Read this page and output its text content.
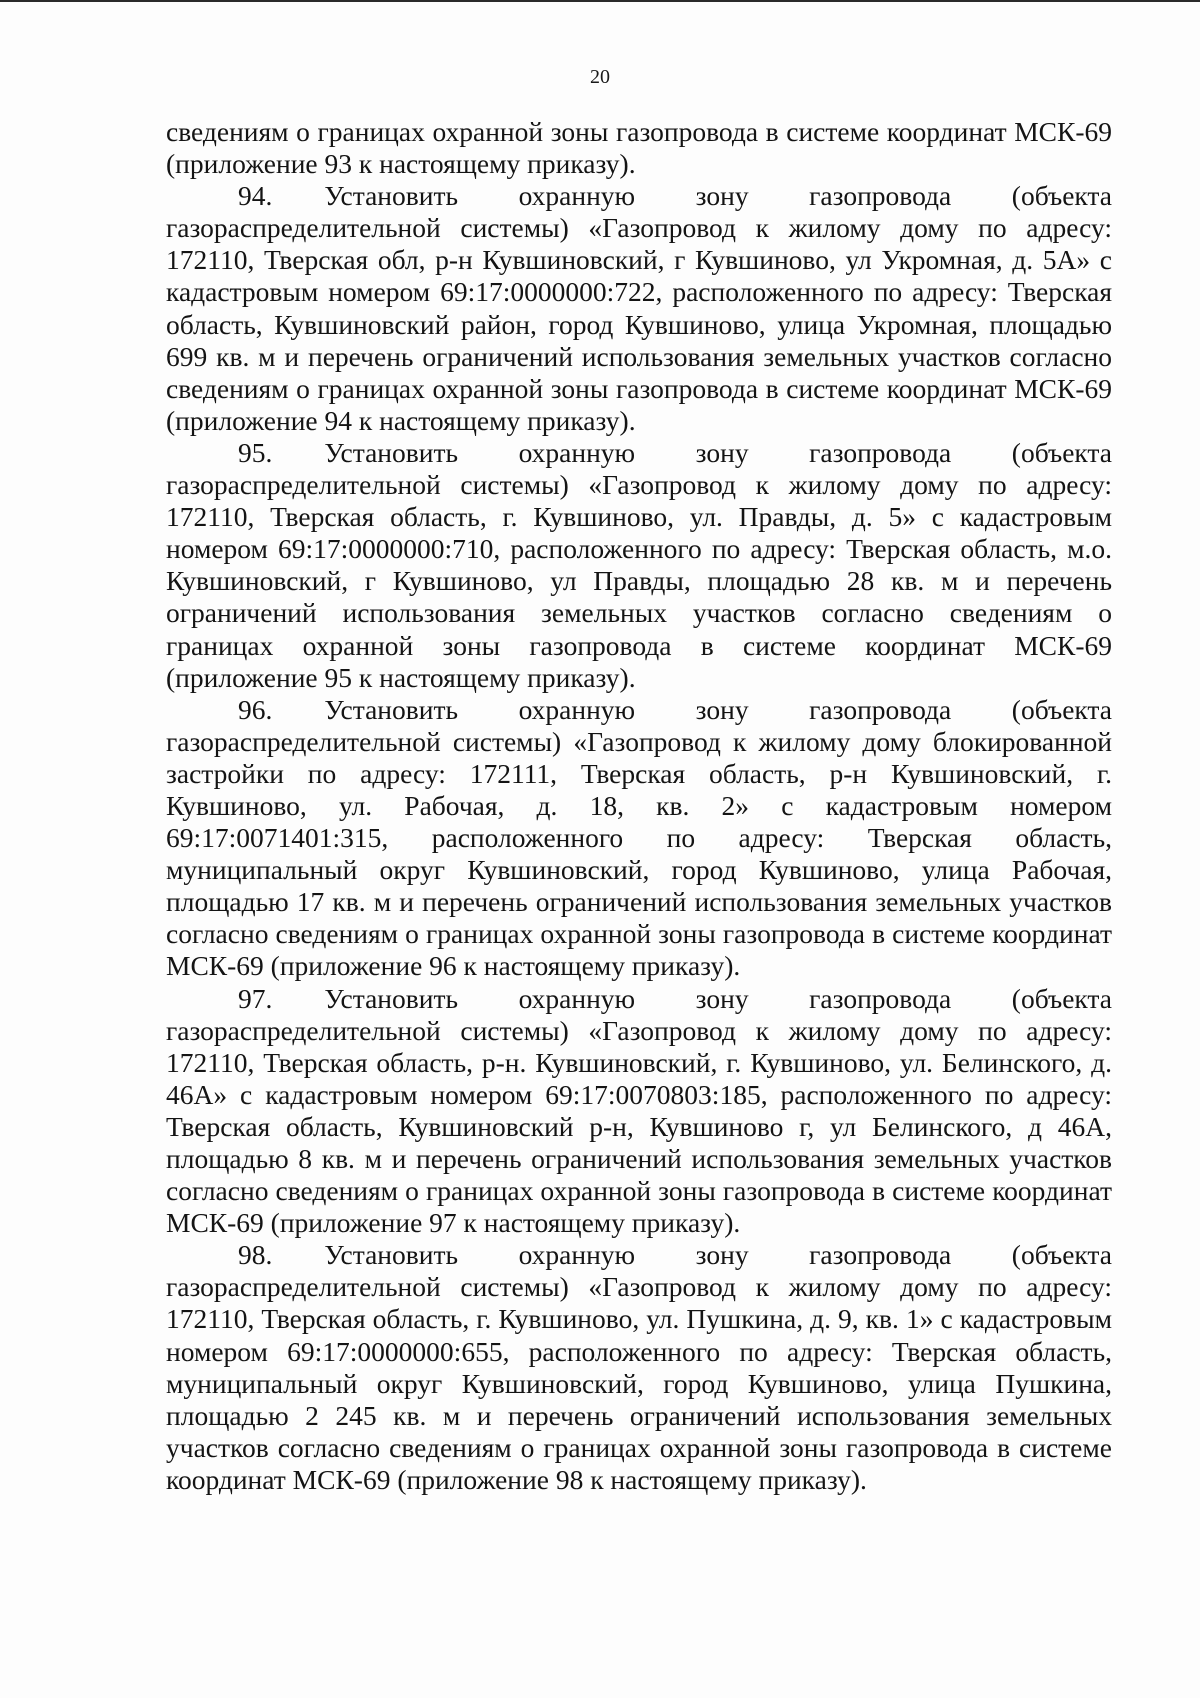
20

сведениям о границах охранной зоны газопровода в системе координат МСК-69 (приложение 93 к настоящему приказу).

94. Установить охранную зону газопровода (объекта газораспределительной системы) «Газопровод к жилому дому по адресу: 172110, Тверская обл, р-н Кувшиновский, г Кувшиново, ул Укромная, д. 5А» с кадастровым номером 69:17:0000000:722, расположенного по адресу: Тверская область, Кувшиновский район, город Кувшиново, улица Укромная, площадью 699 кв. м и перечень ограничений использования земельных участков согласно сведениям о границах охранной зоны газопровода в системе координат МСК-69 (приложение 94 к настоящему приказу).

95. Установить охранную зону газопровода (объекта газораспределительной системы) «Газопровод к жилому дому по адресу: 172110, Тверская область, г. Кувшиново, ул. Правды, д. 5» с кадастровым номером 69:17:0000000:710, расположенного по адресу: Тверская область, м.о. Кувшиновский, г Кувшиново, ул Правды, площадью 28 кв. м и перечень ограничений использования земельных участков согласно сведениям о границах охранной зоны газопровода в системе координат МСК-69 (приложение 95 к настоящему приказу).

96. Установить охранную зону газопровода (объекта газораспределительной системы) «Газопровод к жилому дому блокированной застройки по адресу: 172111, Тверская область, р-н Кувшиновский, г. Кувшиново, ул. Рабочая, д. 18, кв. 2» с кадастровым номером 69:17:0071401:315, расположенного по адресу: Тверская область, муниципальный округ Кувшиновский, город Кувшиново, улица Рабочая, площадью 17 кв. м и перечень ограничений использования земельных участков согласно сведениям о границах охранной зоны газопровода в системе координат МСК-69 (приложение 96 к настоящему приказу).

97. Установить охранную зону газопровода (объекта газораспределительной системы) «Газопровод к жилому дому по адресу: 172110, Тверская область, р-н. Кувшиновский, г. Кувшиново, ул. Белинского, д. 46А» с кадастровым номером 69:17:0070803:185, расположенного по адресу: Тверская область, Кувшиновский р-н, Кувшиново г, ул Белинского, д 46А, площадью 8 кв. м и перечень ограничений использования земельных участков согласно сведениям о границах охранной зоны газопровода в системе координат МСК-69 (приложение 97 к настоящему приказу).

98. Установить охранную зону газопровода (объекта газораспределительной системы) «Газопровод к жилому дому по адресу: 172110, Тверская область, г. Кувшиново, ул. Пушкина, д. 9, кв. 1» с кадастровым номером 69:17:0000000:655, расположенного по адресу: Тверская область, муниципальный округ Кувшиновский, город Кувшиново, улица Пушкина, площадью 2 245 кв. м и перечень ограничений использования земельных участков согласно сведениям о границах охранной зоны газопровода в системе координат МСК-69 (приложение 98 к настоящему приказу).
